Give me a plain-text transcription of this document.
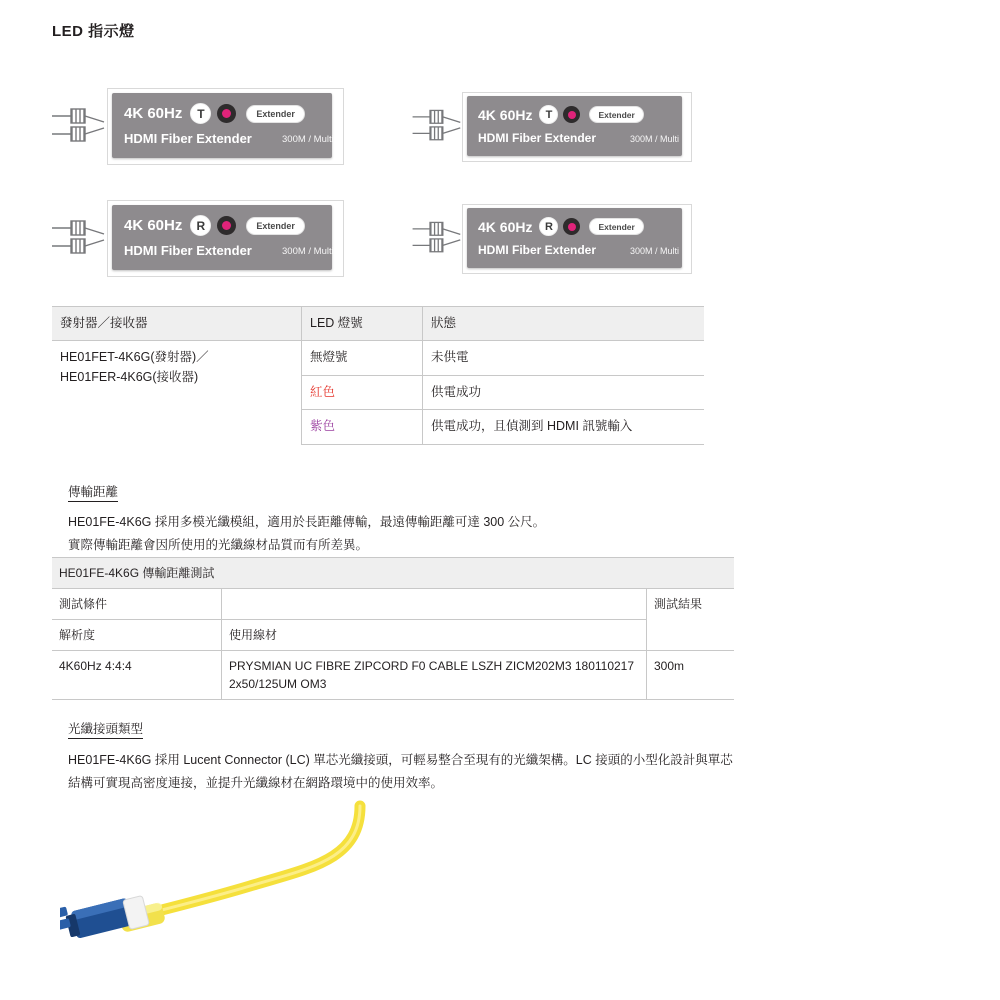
LED 指示燈
4K 60Hz	T	Extender
HDMI Fiber Extender	300M / Multi
4K 60Hz	T	Extender
HDMI Fiber Extender	300M / Multi
4K 60Hz	R	Extender
HDMI Fiber Extender	300M / Multi
4K 60Hz	R	Extender
HDMI Fiber Extender	300M / Multi
發射器／接收器	LED 燈號	狀態
HE01FET-4K6G(發射器)／
HE01FER-4K6G(接收器)	無燈號	未供電
	紅色	供電成功
	紫色	供電成功，且偵測到 HDMI 訊號輸入
傳輸距離
HE01FE-4K6G 採用多模光纖模組，適用於長距離傳輸，最遠傳輸距離可達 300 公尺。
實際傳輸距離會因所使用的光纖線材品質而有所差異。
HE01FE-4K6G 傳輸距離測試		
測試條件		測試結果
解析度	使用線材	
4K60Hz 4:4:4	PRYSMIAN UC FIBRE ZIPCORD F0 CABLE LSZH ZICM202M3 180110217
2x50/125UM OM3	300m
光纖接頭類型
HE01FE-4K6G 採用 Lucent Connector (LC) 單芯光纖接頭，可輕易整合至現有的光纖架構。LC 接頭的小型化設計與單芯
結構可實現高密度連接，並提升光纖線材在網路環境中的使用效率。
